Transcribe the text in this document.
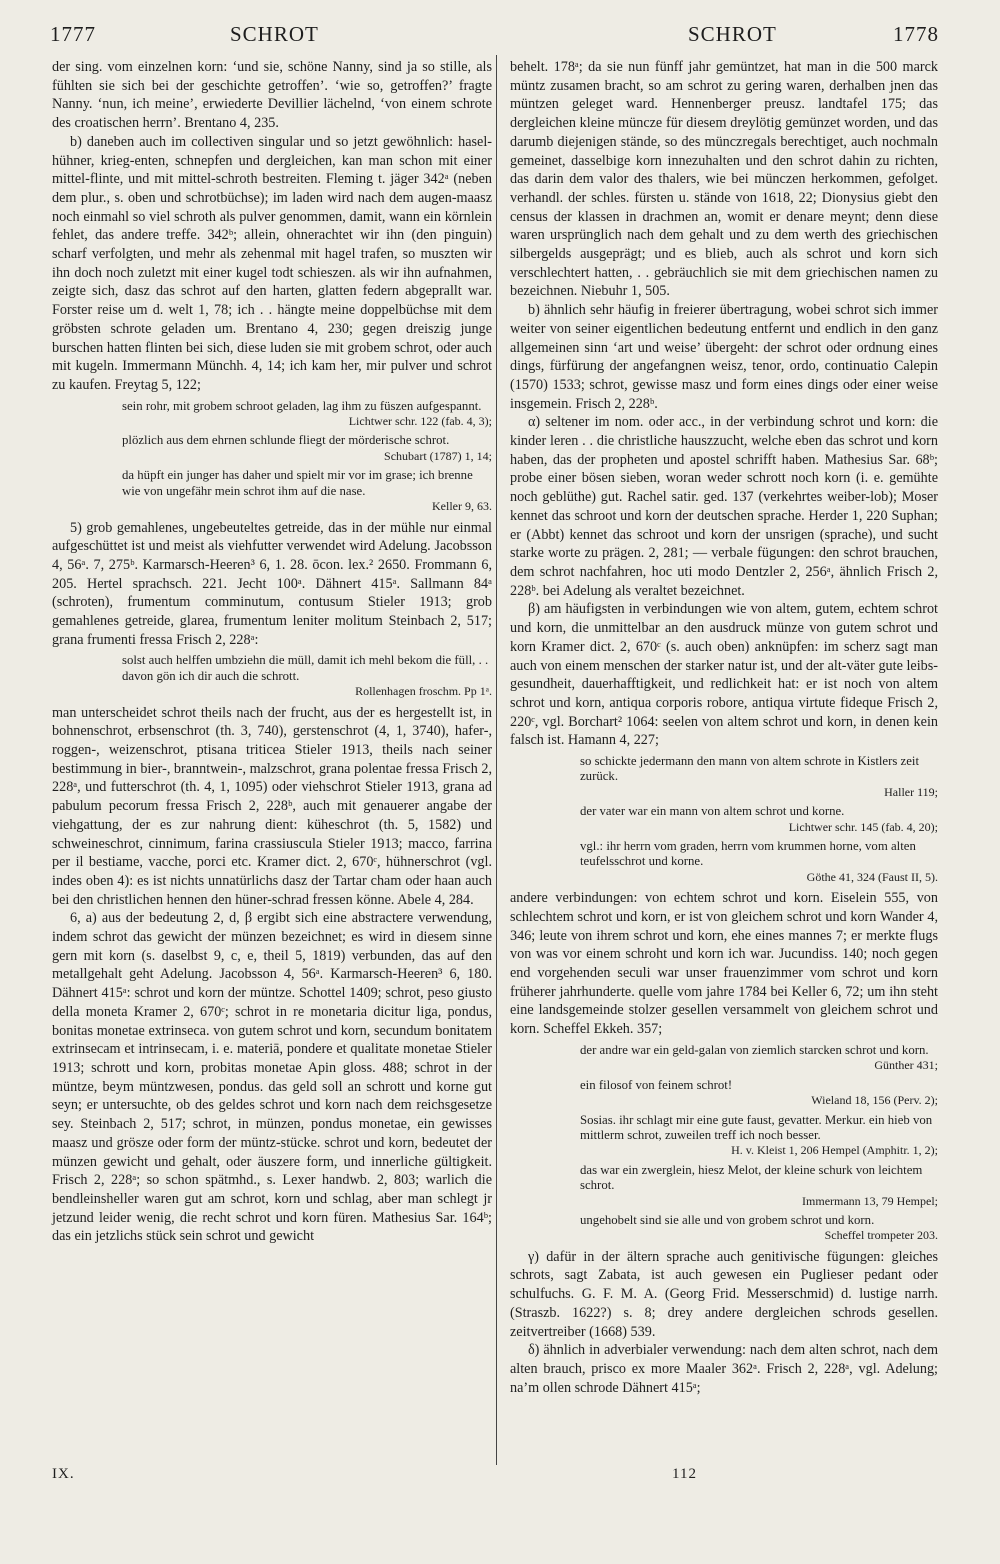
1777	SCHROT	SCHROT	1778

der sing. vom einzelnen korn: ‘und sie, schöne Nanny, sind ja so stille, als fühlten sie sich bei der geschichte getroffen’. ‘wie so, getroffen?’ fragte Nanny. ‘nun, ich meine’, erwiederte Devillier lächelnd, ‘von einem schrote des croatischen herrn’. Brentano 4, 235.

b) daneben auch im collectiven singular und so jetzt gewöhnlich: hasel-hühner, krieg-enten, schnepfen und dergleichen, kan man schon mit einer mittel-flinte, und mit mittel-schroth bestreiten. Fleming t. jäger 342ᵃ (neben dem plur., s. oben und schrotbüchse); im laden wird nach dem augen-maasz noch einmahl so viel schroth als pulver genommen, damit, wann ein körnlein fehlet, das andere treffe. 342ᵇ; allein, ohnerachtet wir ihn (den pinguin) scharf verfolgten, und mehr als zehenmal mit hagel trafen, so muszten wir ihn doch noch zuletzt mit einer kugel todt schieszen. als wir ihn aufnahmen, zeigte sich, dasz das schrot auf den harten, glatten federn abgeprallt war. Forster reise um d. welt 1, 78; ich . . hängte meine doppelbüchse mit dem gröbsten schrote geladen um. Brentano 4, 230; gegen dreiszig junge burschen hatten flinten bei sich, diese luden sie mit grobem schrot, oder auch mit kugeln. Immermann Münchh. 4, 14; ich kam her, mir pulver und schrot zu kaufen. Freytag 5, 122;

sein rohr, mit grobem schroot geladen, lag ihm zu füszen aufgespannt.
Lichtwer schr. 122 (fab. 4, 3);
plözlich aus dem ehrnen schlunde fliegt der mörderische schrot.
Schubart (1787) 1, 14;
da hüpft ein junger has daher und spielt mir vor im grase; ich brenne wie von ungefähr mein schrot ihm auf die nase.
Keller 9, 63.

5) grob gemahlenes, ungebeuteltes getreide, das in der mühle nur einmal aufgeschüttet ist und meist als viehfutter verwendet wird Adelung. Jacobsson 4, 56ᵃ. 7, 275ᵇ. Karmarsch-Heeren³ 6, 1. 28. ōcon. lex.² 2650. Frommann 6, 205. Hertel sprachsch. 221. Jecht 100ᵃ. Dähnert 415ᵃ. Sallmann 84ᵃ (schroten), frumentum comminutum, contusum Stieler 1913; grob gemahlenes getreide, glarea, frumentum leniter molitum Steinbach 2, 517; grana frumenti fressa Frisch 2, 228ᵃ:

solst auch helffen umbziehn die müll, damit ich mehl bekom die füll, . . davon gön ich dir auch die schrott.
Rollenhagen froschm. Pp 1ᵃ.

man unterscheidet schrot theils nach der frucht, aus der es hergestellt ist, in bohnenschrot, erbsenschrot (th. 3, 740), gerstenschrot (4, 1, 3740), hafer-, roggen-, weizenschrot, ptisana triticea Stieler 1913, theils nach seiner bestimmung in bier-, branntwein-, malzschrot, grana polentae fressa Frisch 2, 228ᵃ, und futterschrot (th. 4, 1, 1095) oder viehschrot Stieler 1913, grana ad pabulum pecorum fressa Frisch 2, 228ᵇ, auch mit genauerer angabe der viehgattung, der es zur nahrung dient: küheschrot (th. 5, 1582) und schweineschrot, cinnimum, farina crassiuscula Stieler 1913; macco, farrina per il bestiame, vacche, porci etc. Kramer dict. 2, 670ᶜ, hühnerschrot (vgl. indes oben 4): es ist nichts unnatürlichs dasz der Tartar cham oder haan auch bei den christlichen hennen den hüner-schrad fressen könne. Abele 4, 284.

6, a) aus der bedeutung 2, d, β ergibt sich eine abstractere verwendung, indem schrot das gewicht der münzen bezeichnet; es wird in diesem sinne gern mit korn (s. daselbst 9, c, e, theil 5, 1819) verbunden, das auf den metallgehalt geht Adelung. Jacobsson 4, 56ᵃ. Karmarsch-Heeren³ 6, 180. Dähnert 415ᵃ: schrot und korn der müntze. Schottel 1409; schrot, peso giusto della moneta Kramer 2, 670ᶜ; schrot in re monetaria dicitur liga, pondus, bonitas monetae extrinseca. von gutem schrot und korn, secundum bonitatem extrinsecam et intrinsecam, i. e. materiā, pondere et qualitate monetae Stieler 1913; schrott und korn, probitas monetae Apin gloss. 488; schrot in der müntze, beym müntzwesen, pondus. das geld soll an schrott und korne gut seyn; er untersuchte, ob des geldes schrot und korn nach dem reichsgesetze sey. Steinbach 2, 517; schrot, in münzen, pondus monetae, ein gewisses maasz und grösze oder form der müntz-stücke. schrot und korn, bedeutet der münzen gewicht und gehalt, oder äuszere form, und innerliche gültigkeit. Frisch 2, 228ᵃ; so schon spätmhd., s. Lexer handwb. 2, 803; warlich die bendleinsheller waren gut am schrot, korn und schlag, aber man schlegt jr jetzund leider wenig, die recht schrot und korn füren. Mathesius Sar. 164ᵇ; das ein jetzlichs stück sein schrot und gewicht

behelt. 178ᵃ; da sie nun fünff jahr gemüntzet, hat man in die 500 marck müntz zusamen bracht, so am schrot zu gering waren, derhalben jnen das müntzen geleget ward. Hennenberger preusz. landtafel 175; das dergleichen kleine müncze für diesem dreylötig gemünzet worden, und das darumb diejenigen stände, so des münczregals berechtiget, auch nochmaln gemeinet, dasselbige korn innezuhalten und den schrot dahin zu richten, das darin dem valor des thalers, wie bei münczen herkommen, gefolget. verhandl. der schles. fürsten u. stände von 1618, 22; Dionysius giebt den census der klassen in drachmen an, womit er denare meynt; denn diese waren ursprünglich nach dem gehalt und zu dem werth des griechischen silbergelds ausgeprägt; und es blieb, auch als schrot und korn sich verschlechtert hatten, . . gebräuchlich sie mit dem griechischen namen zu bezeichnen. Niebuhr 1, 505.

b) ähnlich sehr häufig in freierer übertragung, wobei schrot sich immer weiter von seiner eigentlichen bedeutung entfernt und endlich in den ganz allgemeinen sinn ‘art und weise’ übergeht: der schrot oder ordnung eines dings, fürfürung der angefangnen weisz, tenor, ordo, continuatio Calepin (1570) 1533; schrot, gewisse masz und form eines dings oder einer weise insgemein. Frisch 2, 228ᵇ.

α) seltener im nom. oder acc., in der verbindung schrot und korn: die kinder leren . . die christliche hauszzucht, welche eben das schrot und korn haben, das der propheten und apostel schrifft haben. Mathesius Sar. 68ᵇ; probe einer bösen sieben, woran weder schrott noch korn (i. e. gemühte noch geblüthe) gut. Rachel satir. ged. 137 (verkehrtes weiber-lob); Moser kennet das schroot und korn der deutschen sprache. Herder 1, 220 Suphan; er (Abbt) kennet das schroot und korn der unsrigen (sprache), und sucht starke worte zu prägen. 2, 281; — verbale fügungen: den schrot brauchen, dem schrot nachfahren, hoc uti modo Dentzler 2, 256ᵃ, ähnlich Frisch 2, 228ᵇ. bei Adelung als veraltet bezeichnet.

β) am häufigsten in verbindungen wie von altem, gutem, echtem schrot und korn, die unmittelbar an den ausdruck münze von gutem schrot und korn Kramer dict. 2, 670ᶜ (s. auch oben) anknüpfen: im scherz sagt man auch von einem menschen der starker natur ist, und der alt-väter gute leibs-gesundheit, dauerhafftigkeit, und redlichkeit hat: er ist noch von altem schrot und korn, antiqua corporis robore, antiqua virtute fideque Frisch 2, 220ᶜ, vgl. Borchart² 1064: seelen von altem schrot und korn, in denen kein falsch ist. Hamann 4, 227;

so schickte jedermann den mann von altem schrote in Kistlers zeit zurück.
Haller 119;
der vater war ein mann von altem schrot und korne.
Lichtwer schr. 145 (fab. 4, 20);
vgl.: ihr herrn vom graden, herrn vom krummen horne, vom alten teufelsschrot und korne.
Göthe 41, 324 (Faust II, 5).

andere verbindungen: von echtem schrot und korn. Eiselein 555, von schlechtem schrot und korn, er ist von gleichem schrot und korn Wander 4, 346; leute von ihrem schrot und korn, ehe eines mannes 7; er merkte flugs von was vor einem schroht und korn ich war. Jucundiss. 140; noch gegen end vorgehenden seculi war unser frauenzimmer vom schrot und korn früherer jahrhunderte. quelle vom jahre 1784 bei Keller 6, 72; um ihn steht eine landsgemeinde stolzer gesellen versammelt von gleichem schrot und korn. Scheffel Ekkeh. 357;

der andre war ein geld-galan von ziemlich starcken schrot und korn.
Günther 431;
ein filosof von feinem schrot!
Wieland 18, 156 (Perv. 2);
Sosias. ihr schlagt mir eine gute faust, gevatter. Merkur. ein hieb von mittlerm schrot, zuweilen treff ich noch besser.
H. v. Kleist 1, 206 Hempel (Amphitr. 1, 2);
das war ein zwerglein, hiesz Melot, der kleine schurk von leichtem schrot.
Immermann 13, 79 Hempel;
ungehobelt sind sie alle und von grobem schrot und korn.
Scheffel trompeter 203.

γ) dafür in der ältern sprache auch genitivische fügungen: gleiches schrots, sagt Zabata, ist auch gewesen ein Puglieser pedant oder schulfuchs. G. F. M. A. (Georg Frid. Messerschmid) d. lustige narrh. (Straszb. 1622?) s. 8; drey andere dergleichen schrods gesellen. zeitvertreiber (1668) 539.

δ) ähnlich in adverbialer verwendung: nach dem alten schrot, nach dem alten brauch, prisco ex more Maaler 362ᵃ. Frisch 2, 228ᵃ, vgl. Adelung; na’m ollen schrode Dähnert 415ᵃ;

IX.	112
